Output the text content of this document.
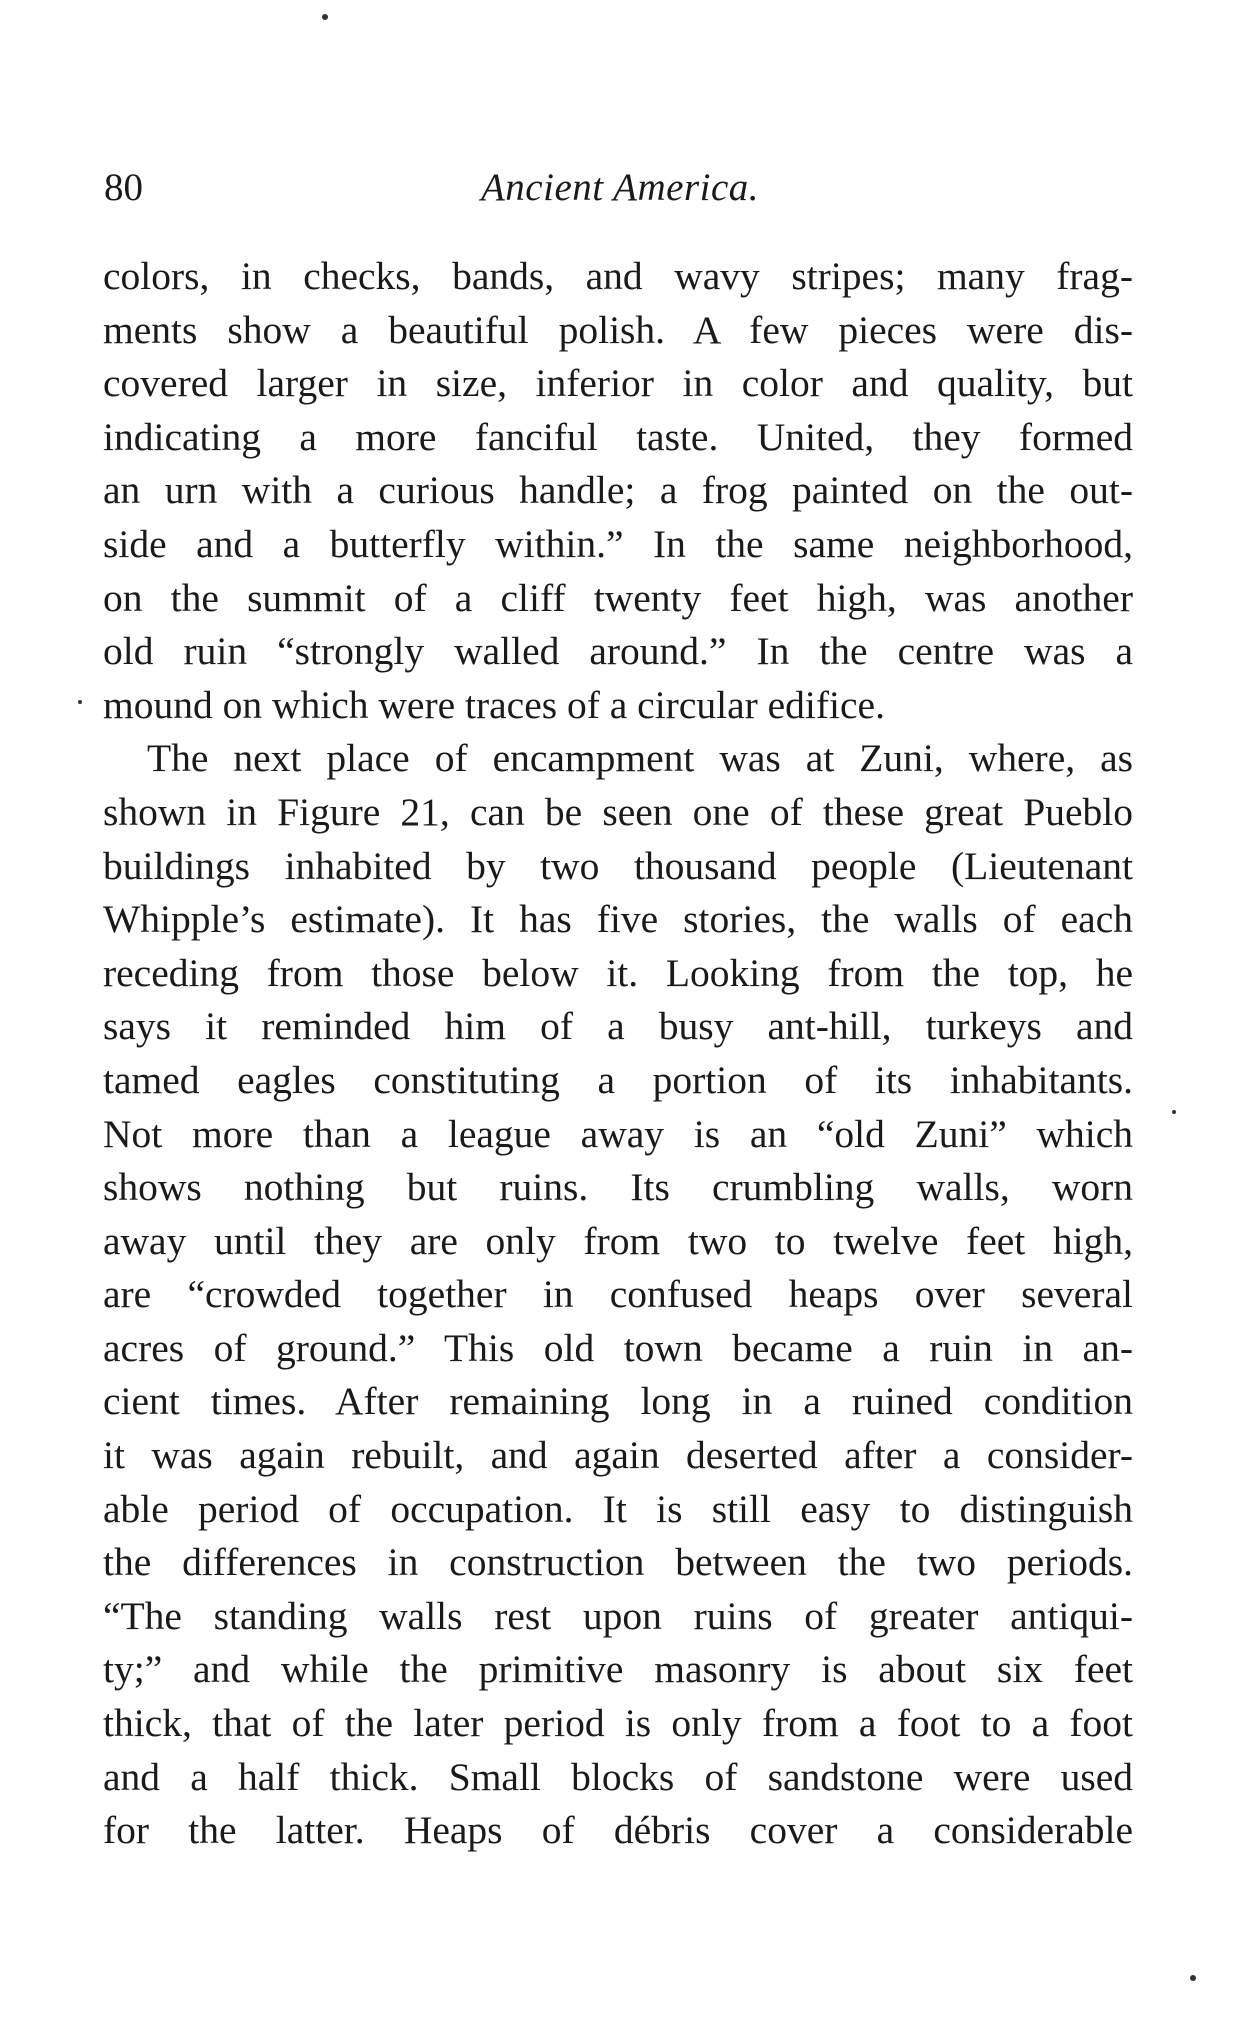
80	Ancient America.
colors, in checks, bands, and wavy stripes; many frag-
ments show a beautiful polish. A few pieces were dis-
covered larger in size, inferior in color and quality, but
indicating a more fanciful taste. United, they formed
an urn with a curious handle; a frog painted on the out-
side and a butterfly within.” In the same neighborhood,
on the summit of a cliff twenty feet high, was another
old ruin “strongly walled around.” In the centre was a
mound on which were traces of a circular edifice.
The next place of encampment was at Zuni, where, as
shown in Figure 21, can be seen one of these great Pueblo
buildings inhabited by two thousand people (Lieutenant
Whipple’s estimate). It has five stories, the walls of each
receding from those below it. Looking from the top, he
says it reminded him of a busy ant-hill, turkeys and
tamed eagles constituting a portion of its inhabitants.
Not more than a league away is an “old Zuni” which
shows nothing but ruins. Its crumbling walls, worn
away until they are only from two to twelve feet high,
are “crowded together in confused heaps over several
acres of ground.” This old town became a ruin in an-
cient times. After remaining long in a ruined condition
it was again rebuilt, and again deserted after a consider-
able period of occupation. It is still easy to distinguish
the differences in construction between the two periods.
“The standing walls rest upon ruins of greater antiqui-
ty;” and while the primitive masonry is about six feet
thick, that of the later period is only from a foot to a foot
and a half thick. Small blocks of sandstone were used
for the latter. Heaps of débris cover a considerable
